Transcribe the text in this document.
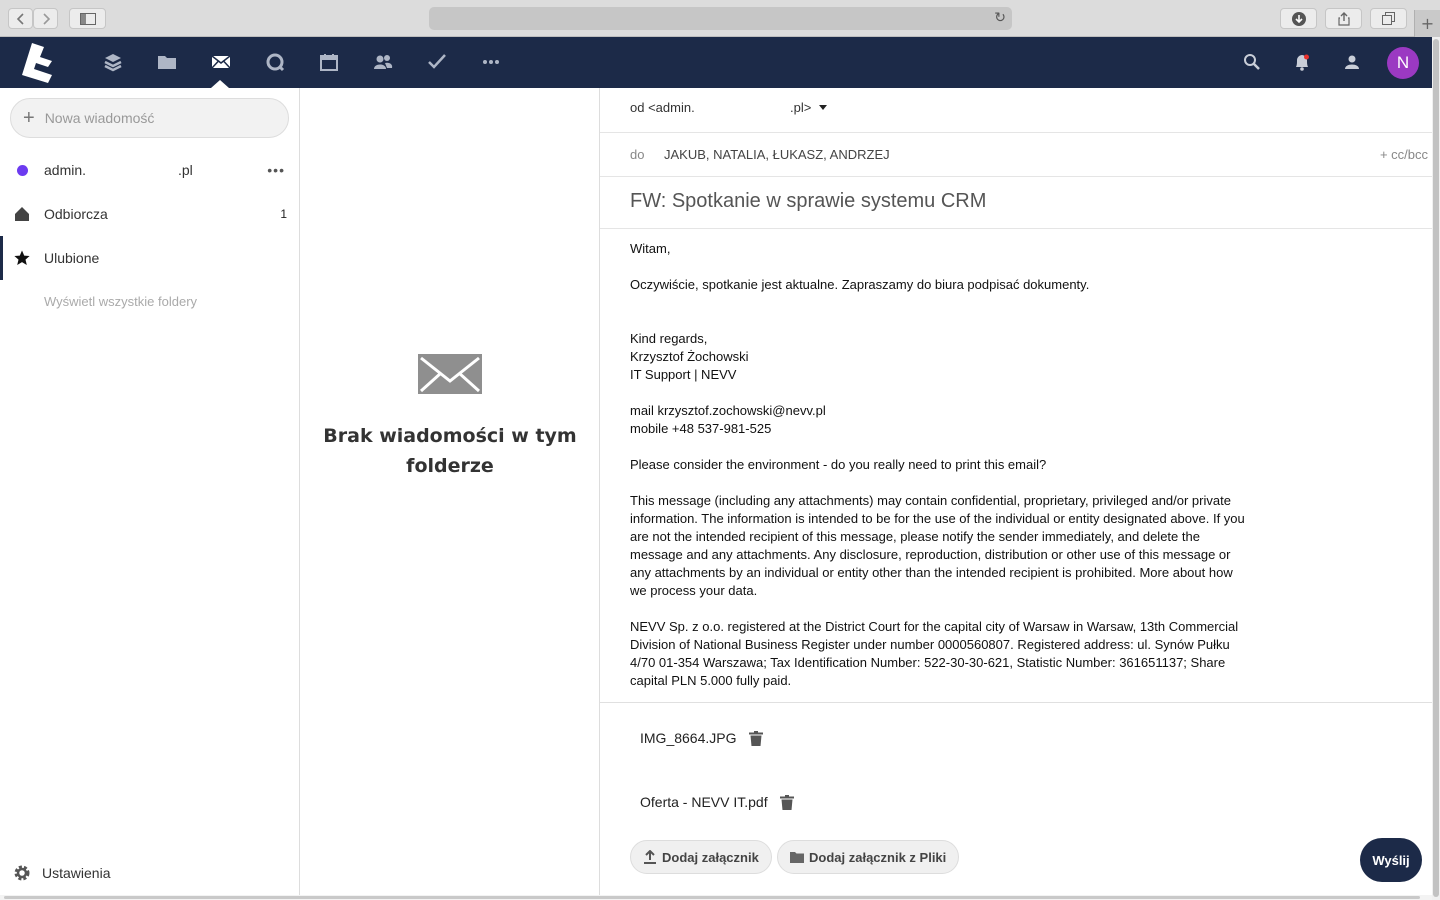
↻	+
N
+ Nowa wiadomość
admin.	.pl	•••
Odbiorcza	1
Ulubione
Wyświetl wszystkie foldery
Ustawienia
Brak wiadomości w tym folderze
od <admin.	.pl>
do JAKUB, NATALIA, ŁUKASZ, ANDRZEJ	+ cc/bcc
FW: Spotkanie w sprawie systemu CRM
Witam,

Oczywiście, spotkanie jest aktualne. Zapraszamy do biura podpisać dokumenty.

Kind regards,
Krzysztof Żochowski
IT Support | NEVV

mail krzysztof.zochowski@nevv.pl
mobile +48 537-981-525

Please consider the environment - do you really need to print this email?

This message (including any attachments) may contain confidential, proprietary, privileged and/or private information. The information is intended to be for the use of the individual or entity designated above. If you are not the intended recipient of this message, please notify the sender immediately, and delete the message and any attachments. Any disclosure, reproduction, distribution or other use of this message or any attachments by an individual or entity other than the intended recipient is prohibited. More about how we process your data.

NEVV Sp. z o.o. registered at the District Court for the capital city of Warsaw in Warsaw, 13th Commercial Division of National Business Register under number 0000560807. Registered address: ul. Synów Pułku 4/70 01-354 Warszawa; Tax Identification Number: 522-30-30-621, Statistic Number: 361651137; Share capital PLN 5.000 fully paid.
IMG_8664.JPG
Oferta - NEVV IT.pdf
Dodaj załącznik	Dodaj załącznik z Pliki	Wyślij
